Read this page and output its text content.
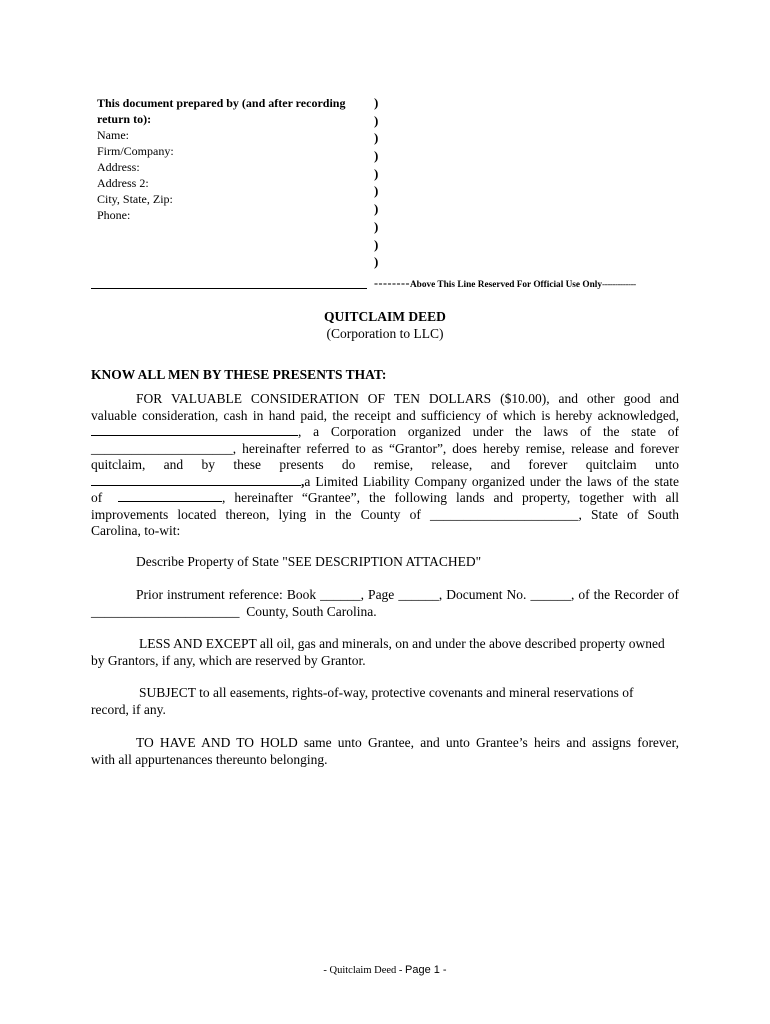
This document prepared by (and after recording
return to):
Name:
Firm/Company:
Address:
Address 2:
City, State, Zip:
Phone:
)
)
)
)
)
)
)
)
)
)
--------Above This Line Reserved For Official Use Only-------------
QUITCLAIM DEED
(Corporation to LLC)
KNOW ALL MEN BY THESE PRESENTS THAT:
FOR VALUABLE CONSIDERATION OF TEN DOLLARS ($10.00), and other good and
valuable consideration, cash in hand paid, the receipt and sufficiency of which is hereby acknowledged,
, a Corporation organized under the laws of the state of
_____________________, hereinafter referred to as “Grantor”, does hereby remise, release and forever
quitclaim, and by these presents do remise, release, and forever quitclaim unto
, a Limited Liability Company organized under the laws of the state
of	, hereinafter “Grantee”, the following lands and property, together with all
improvements located thereon, lying in the County of ______________________, State of South
Carolina, to-wit:
Describe Property of State "SEE DESCRIPTION ATTACHED"
Prior instrument reference: Book ______, Page ______, Document No. ______, of the Recorder of
______________________  County, South Carolina.
LESS AND EXCEPT all oil, gas and minerals, on and under the above described property owned
by Grantors, if any, which are reserved by Grantor.
SUBJECT to all easements, rights-of-way, protective covenants and mineral reservations of
record, if any.
TO HAVE AND TO HOLD same unto Grantee, and unto Grantee’s heirs and assigns forever,
with all appurtenances thereunto belonging.
- Quitclaim Deed - Page 1 -
